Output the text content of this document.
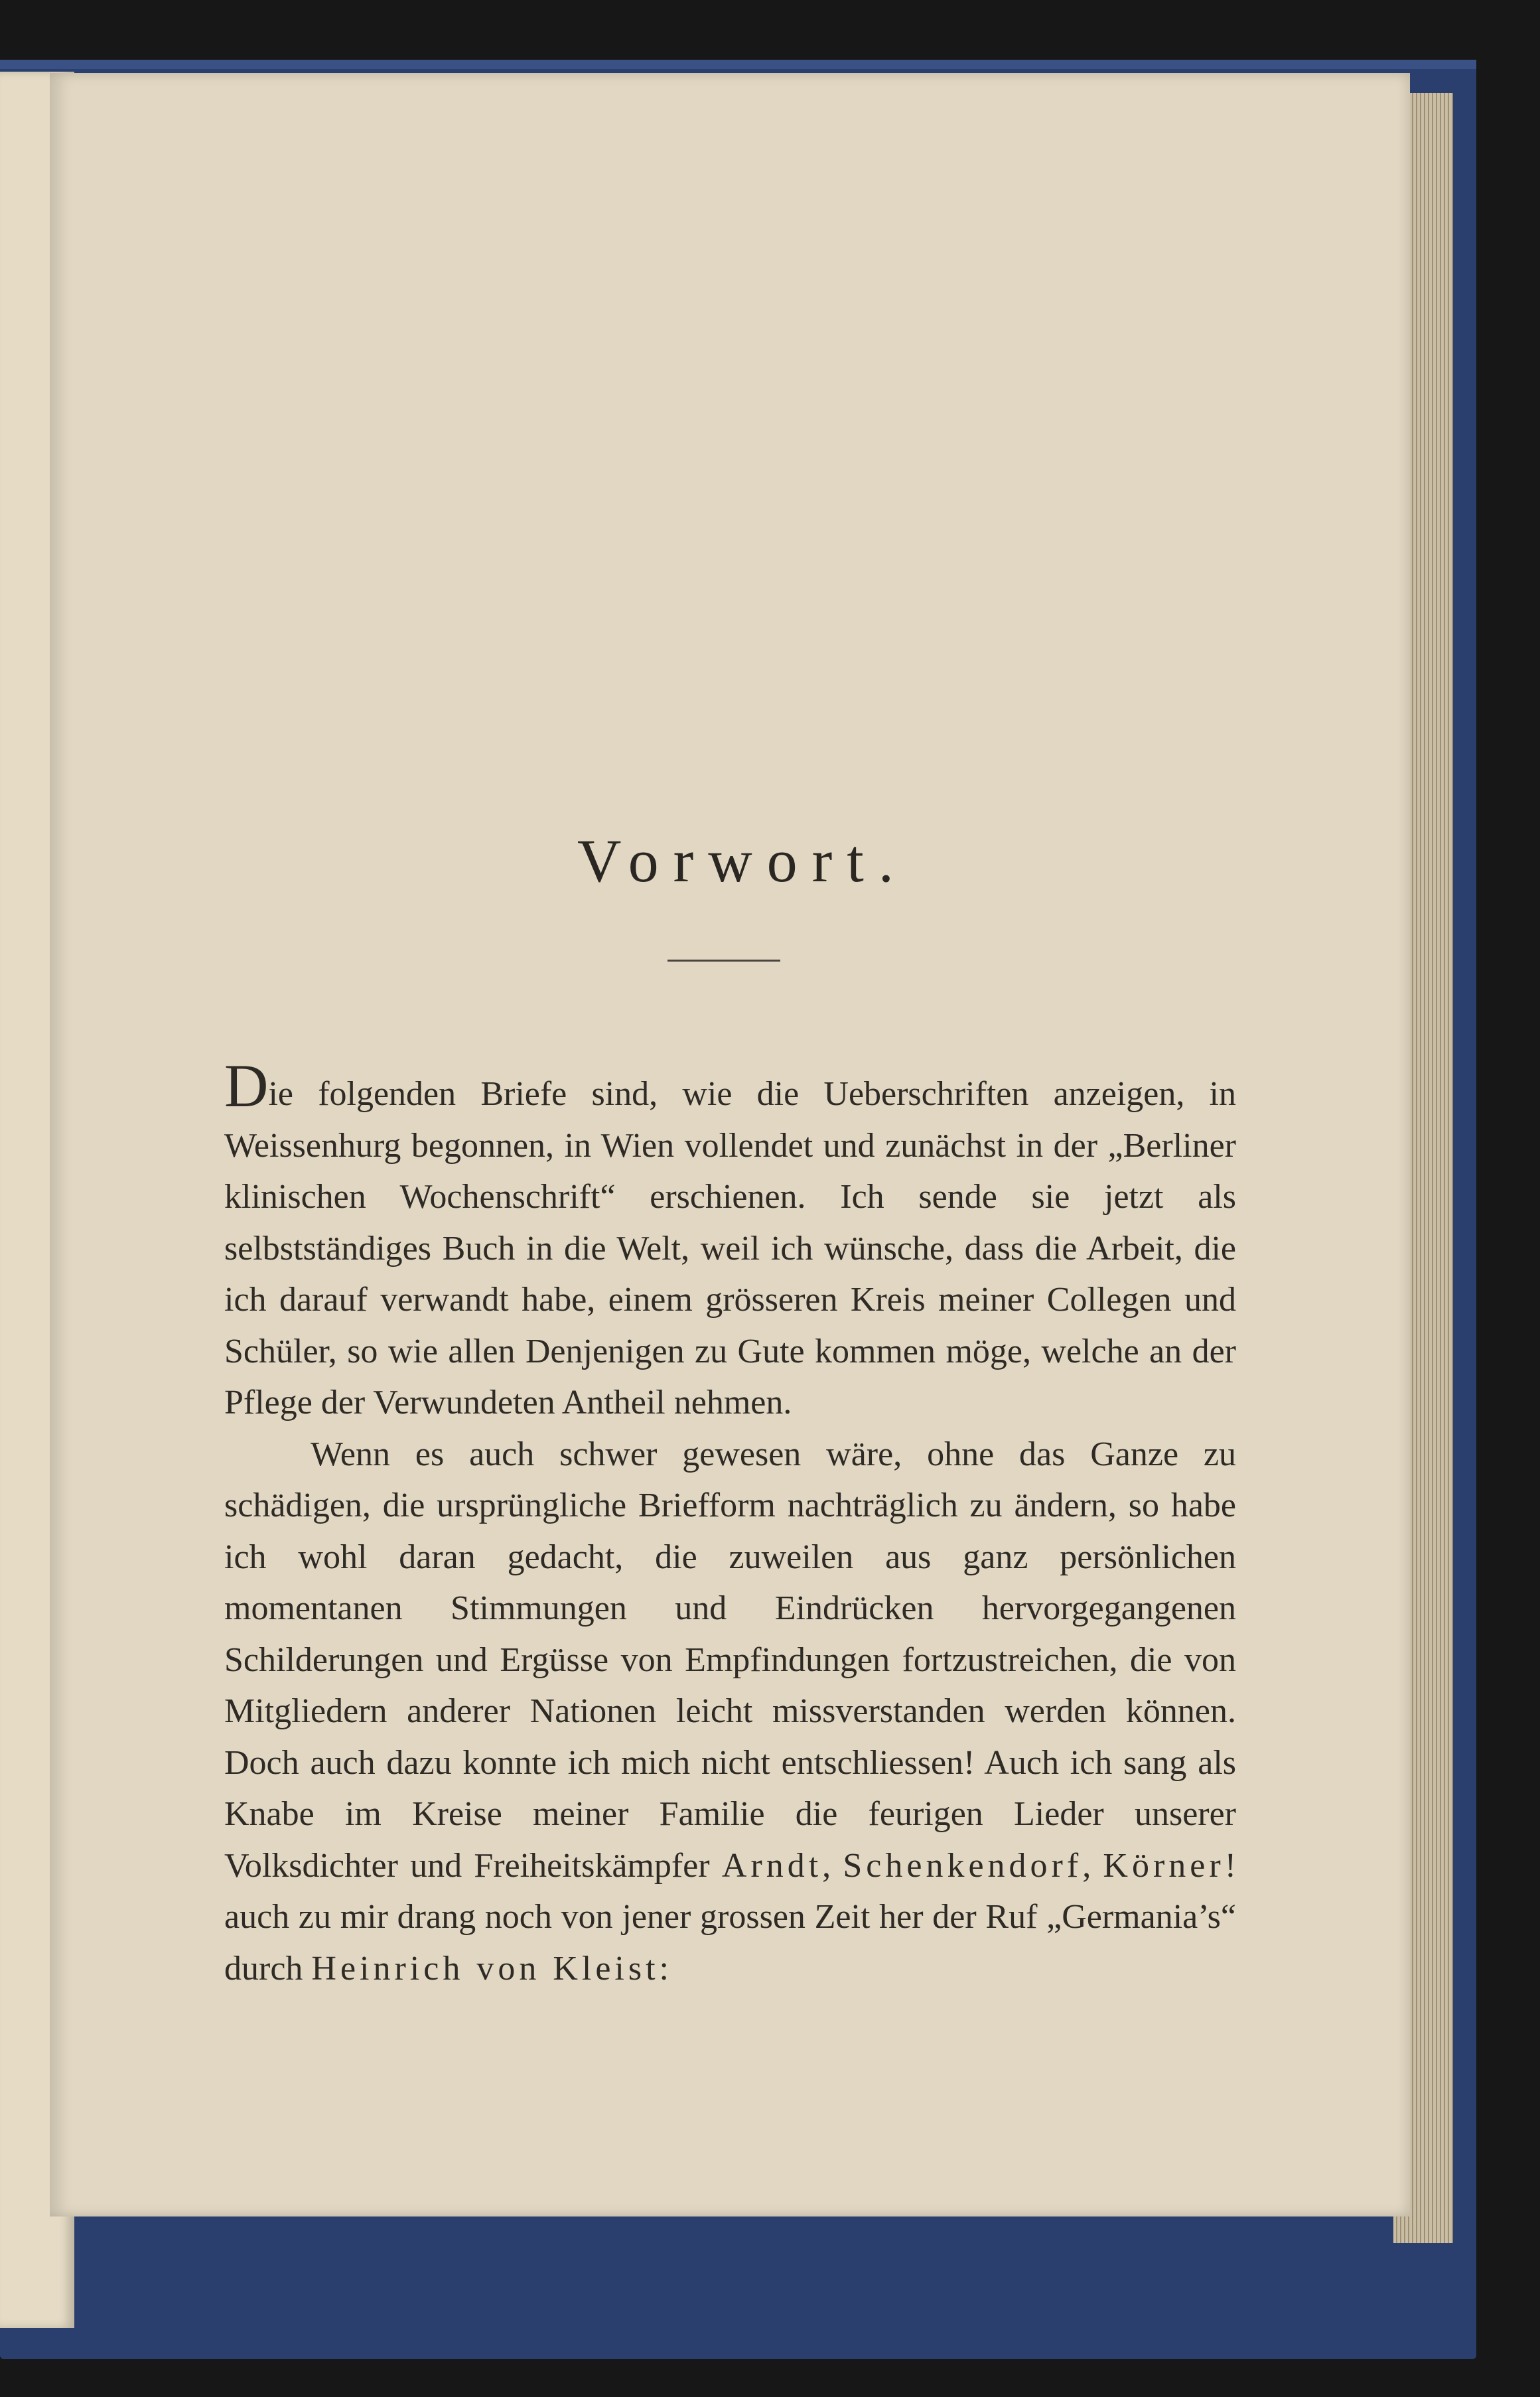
Vorwort.

Die folgenden Briefe sind, wie die Ueberschriften anzeigen, in Weissenhurg begonnen, in Wien vollendet und zunächst in der „Berliner klinischen Wochenschrift“ erschienen. Ich sende sie jetzt als selbstständiges Buch in die Welt, weil ich wünsche, dass die Arbeit, die ich darauf verwandt habe, einem grösseren Kreis meiner Collegen und Schüler, so wie allen Denjenigen zu Gute kommen möge, welche an der Pflege der Verwundeten Antheil nehmen.

Wenn es auch schwer gewesen wäre, ohne das Ganze zu schädigen, die ursprüngliche Briefform nachträglich zu ändern, so habe ich wohl daran gedacht, die zuweilen aus ganz persönlichen momentanen Stimmungen und Eindrücken hervorgegangenen Schilderungen und Ergüsse von Empfindungen fortzustreichen, die von Mitgliedern anderer Nationen leicht missverstanden werden können. Doch auch dazu konnte ich mich nicht entschliessen! Auch ich sang als Knabe im Kreise meiner Familie die feurigen Lieder unserer Volksdichter und Freiheitskämpfer Arndt, Schenkendorf, Körner! auch zu mir drang noch von jener grossen Zeit her der Ruf „Germania’s“ durch Heinrich von Kleist:
